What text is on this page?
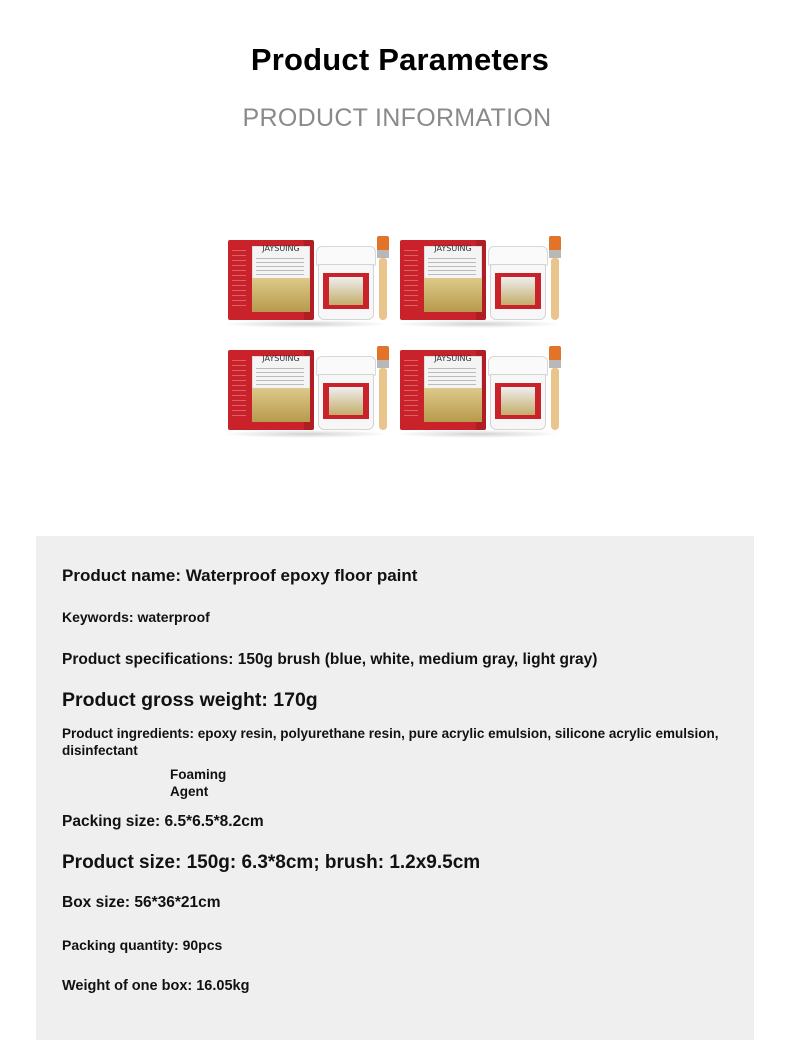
Product Parameters
PRODUCT INFORMATION
JAYSUING	JAYSUING
JAYSUING	JAYSUING
Product name: Waterproof epoxy floor paint
Keywords: waterproof
Product specifications: 150g brush (blue, white, medium gray, light gray)
Product gross weight: 170g
Product ingredients: epoxy resin, polyurethane resin, pure acrylic emulsion, silicone acrylic emulsion, disinfectant
Foaming Agent
Packing size: 6.5*6.5*8.2cm
Product size: 150g: 6.3*8cm; brush: 1.2x9.5cm
Box size: 56*36*21cm
Packing quantity: 90pcs
Weight of one box: 16.05kg
